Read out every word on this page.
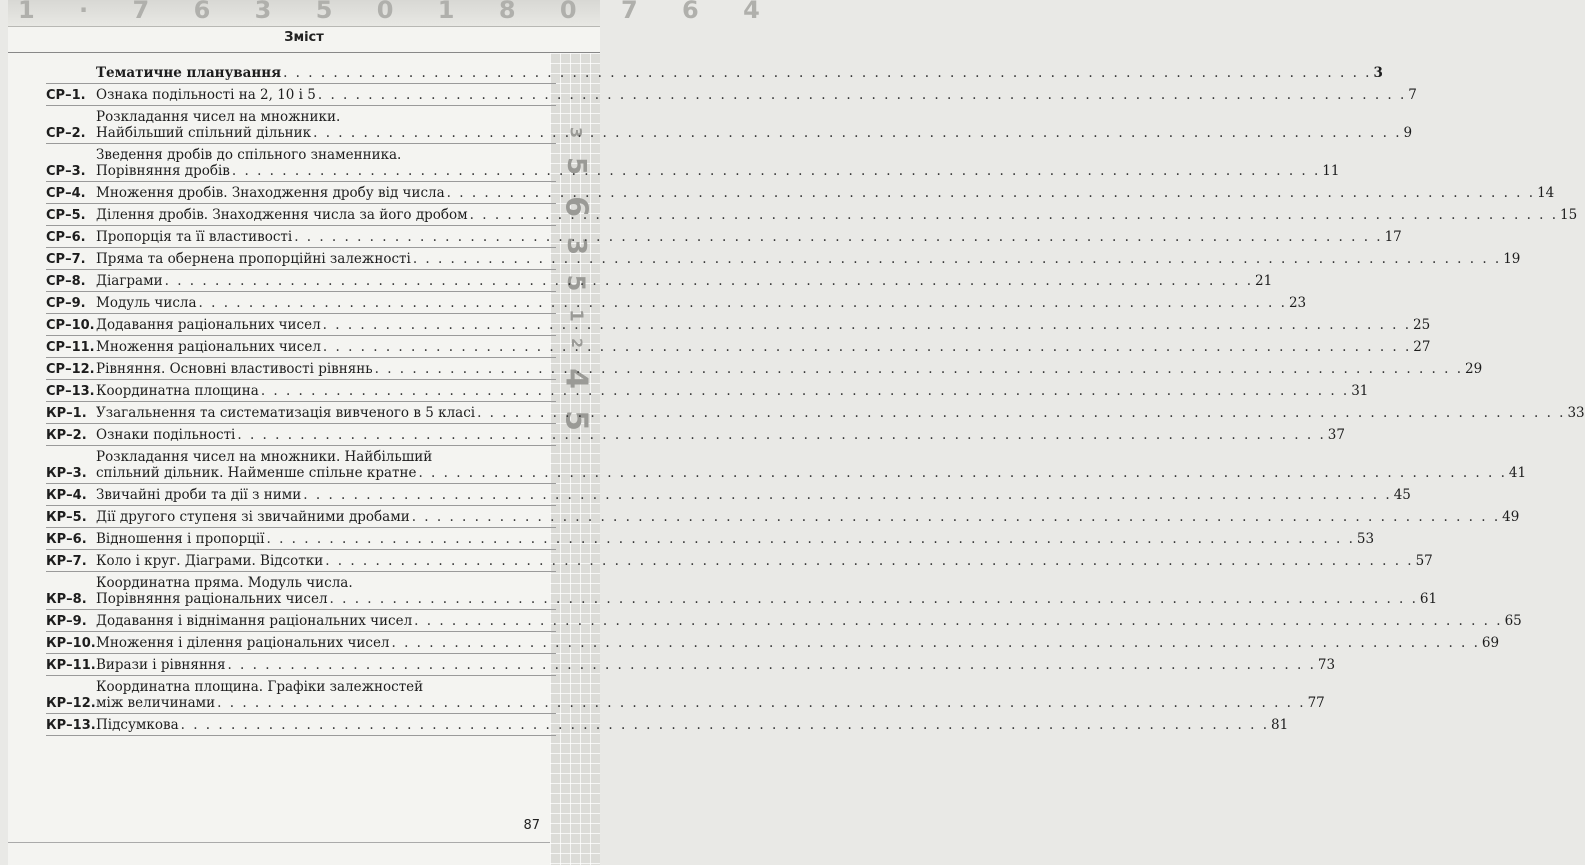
1 · 7 6 3 5 0 1 8 0 7 6 4
Зміст
3
5
6
3
5
1
2
4
5
Тематичне планування . . .	3
СР–1. Ознака подільності на 2, 10 і 5 . . .	7
СР–2.
Розкладання чисел на множники.
Найбільший спільний дільник . . .	9
СР–3.
Зведення дробів до спільного знаменника.
Порівняння дробів . . .	11
СР–4. Множення дробів. Знаходження дробу від числа . . .	14
СР–5. Ділення дробів. Знаходження числа за його дробом . . .	15
СР–6. Пропорція та її властивості . . .	17
СР–7. Пряма та обернена пропорційні залежності . . .	19
СР–8. Діаграми . . .	21
СР–9. Модуль числа . . .	23
СР–10. Додавання раціональних чисел . . .	25
СР–11. Множення раціональних чисел . . .	27
СР–12. Рівняння. Основні властивості рівнянь . . .	29
СР–13. Координатна площина . . .	31
КР–1. Узагальнення та систематизація вивченого в 5 класі . . .	33
КР–2. Ознаки подільності . . .	37
КР–3.
Розкладання чисел на множники. Найбільший
спільний дільник. Найменше спільне кратне . . .	41
КР–4. Звичайні дроби та дії з ними . . .	45
КР–5. Дії другого ступеня зі звичайними дробами . . .	49
КР–6. Відношення і пропорції . . .	53
КР–7. Коло і круг. Діаграми. Відсотки . . .	57
КР–8.
Координатна пряма. Модуль числа.
Порівняння раціональних чисел . . .	61
КР–9. Додавання і віднімання раціональних чисел . . .	65
КР–10. Множення і ділення раціональних чисел . . .	69
КР–11. Вирази і рівняння . . .	73
КР–12.
Координатна площина. Графіки залежностей
між величинами . . .	77
КР–13. Підсумкова . . .	81
87
